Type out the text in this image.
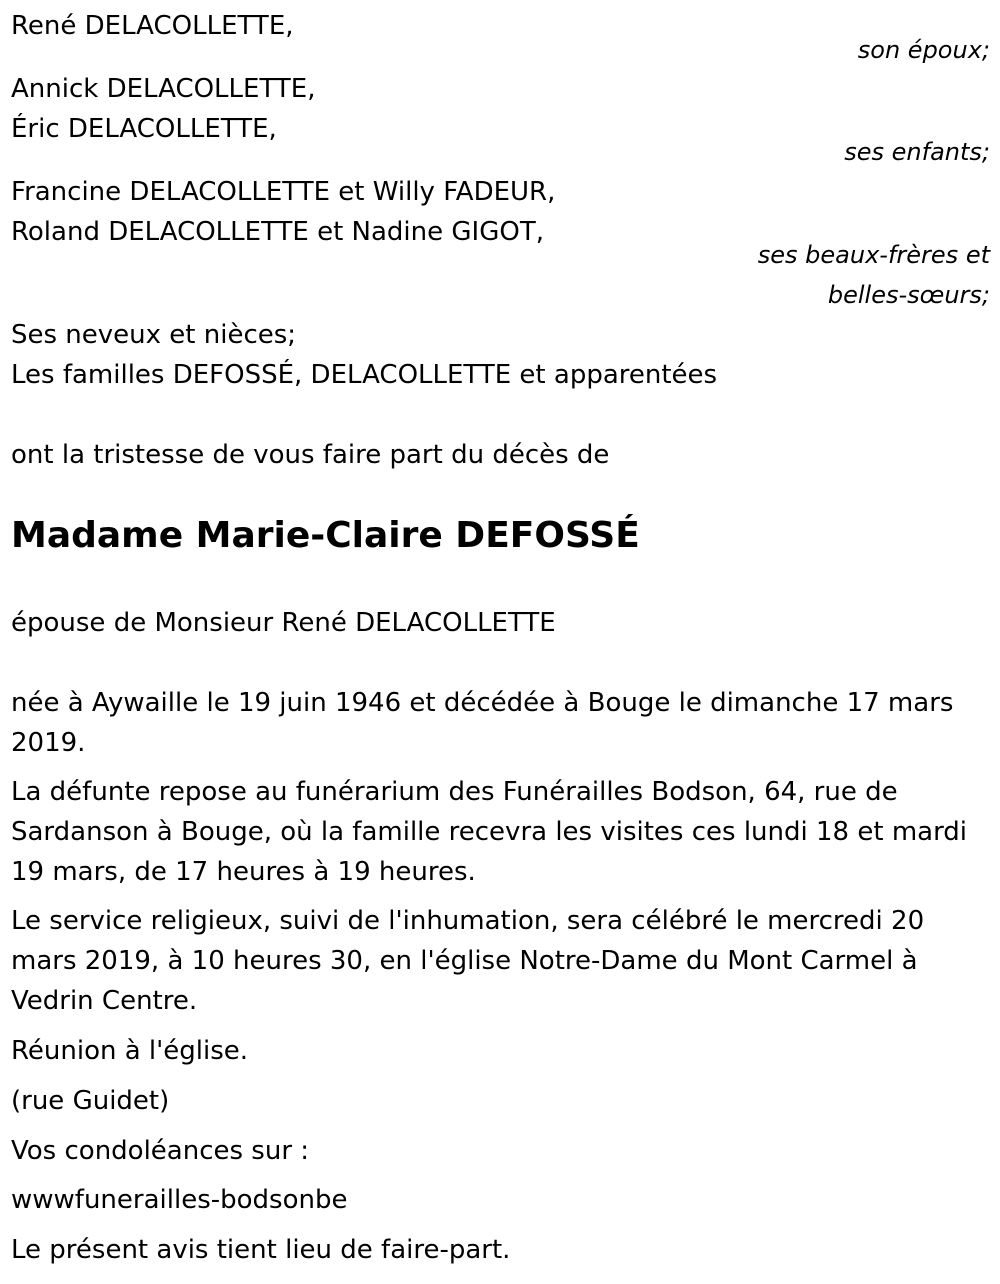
René DELACOLLETTE,
son époux;
Annick DELACOLLETTE,
Éric DELACOLLETTE,
ses enfants;
Francine DELACOLLETTE et Willy FADEUR,
Roland DELACOLLETTE et Nadine GIGOT,
ses beaux-frères et
belles-sœurs;
Ses neveux et nièces;
Les familles DEFOSSÉ, DELACOLLETTE et apparentées
ont la tristesse de vous faire part du décès de
Madame Marie-Claire DEFOSSÉ
épouse de Monsieur René DELACOLLETTE
née à Aywaille le 19 juin 1946 et décédée à Bouge le dimanche 17 mars 2019.
La défunte repose au funérarium des Funérailles Bodson, 64, rue de Sardanson à Bouge, où la famille recevra les visites ces lundi 18 et mardi 19 mars, de 17 heures à 19 heures.
Le service religieux, suivi de l'inhumation, sera célébré le mercredi 20 mars 2019, à 10 heures 30, en l'église Notre-Dame du Mont Carmel à Vedrin Centre.
Réunion à l'église.
(rue Guidet)
Vos condoléances sur :
wwwfunerailles-bodsonbe
Le présent avis tient lieu de faire-part.
